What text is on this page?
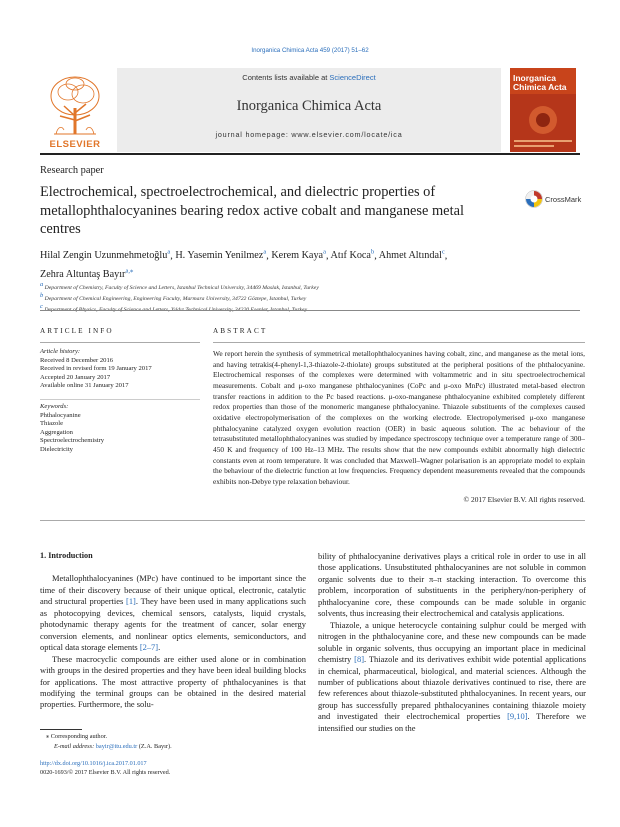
Inorganica Chimica Acta 459 (2017) 51–62
ELSEVIER
Contents lists available at ScienceDirect
Inorganica Chimica Acta
journal homepage: www.elsevier.com/locate/ica
Inorganica
Chimica Acta
Research paper
Electrochemical, spectroelectrochemical, and dielectric properties of metallophthalocyanines bearing redox active cobalt and manganese metal centres
CrossMark
Hilal Zengin Uzunmehmetoğlu$^a$, H. Yasemin Yenilmez$^a$, Kerem Kaya$^a$, Atıf Koca$^b$, Ahmet Altındal$^c$,
Zehra Altuntaş Bayır$^{a,⁎}$
$^a$ Department of Chemistry, Faculty of Science and Letters, Istanbul Technical University, 34469 Maslak, Istanbul, Turkey
$^b$ Department of Chemical Engineering, Engineering Faculty, Marmara University, 34722 Göztepe, Istanbul, Turkey
$^c$
ARTICLE INFO	ABSTRACT
Article history:
Received 8 December 2016
Received in revised form 19 January 2017
Accepted 20 January 2017
Available online 31 January 2017
Keywords:
Phthalocyanine
Thiazole
Aggregation
Spectroelectrochemistry
Dielectricity
We report herein the synthesis of symmetrical metallophthalocyanines having cobalt, zinc, and manganese as the metal ions, and having tetrakis(4-phenyl-1,3-thiazole-2-thiolate) groups substituted at the peripheral positions of the phthalocyanine. Electrochemical responses of the complexes were determined with voltammetric and in situ spectroelectrochemical measurements. Cobalt and μ-oxo manganese phthalocyanines (CoPc and μ-oxo MnPc) illustrated metal-based electron transfer reactions in addition to the Pc based reactions. μ-oxo-manganese phthalocyanine exhibited completely different redox properties than those of the monomeric manganese phthalocyanine. Thiazole substituents of the complexes caused oxidative electropolymerisation of the complexes on the working electrode. Electropolymerised μ-oxo manganese phthalocyanine catalyzed oxygen evolution reaction (OER) in basic aqueous solution. The ac behaviour of the tetrasubstituted metallophthalocyanines was studied by impedance spectroscopy technique over a temperature range of 300–450 K and frequency of 100 Hz–13 MHz. The results show that the new compounds exhibit abnormally high dielectric constants even at room temperature. It was concluded that Maxwell–Wagner polarisation is an appropriate model to explain the behaviour of the dielectric function at low frequencies. Frequency dependent measurements revealed that the compounds exhibits non-Debye type relaxation behaviour.
© 2017 Elsevier B.V. All rights reserved.

1. Introduction

Metallophthalocyanines (MPc) have continued to be important since the time of their discovery because of their unique optical, electronic, catalytic and structural properties [1]. They have been used in many applications such as photocopying devices, chemical sensors, catalysts, liquid crystals, photodynamic therapy agents for the treatment of cancer, solar energy conversion elements, and nonlinear optics elements, semiconductors, and optical data storage elements [2–7].

These macrocyclic compounds are either used alone or in combination with groups in the desired properties and they have been ideal building blocks for applications. The most attractive property of phthalocyanines is that modifying the terminal groups can be obtained in the desired material properties. Furthermore, the solu-

bility of phthalocyanine derivatives plays a critical role in order to use in all those applications. Unsubstituted phthalocyanines are not soluble in common organic solvents due to their π–π stacking interaction. To overcome this problem, incorporation of substituents in the periphery/non-periphery of phthalocyanine core, these compounds can be made soluble in organic solvents, thus increasing their electrochemical and catalysis applications.

Thiazole, a unique heterocycle containing sulphur could be merged with nitrogen in the phthalocyanine core, and these new compounds can be made soluble in organic solvents, thus occupying an important place in medicinal chemistry [8]. Thiazole and its derivatives exhibit wide potential applications in chemical, pharmaceutical, biological, and material sciences. Although the number of publications about thiazole derivatives continued to rise, there are few references about thiazole-substituted phthalocyanines. In recent years, our group has successfully prepared phthalocyanines containing thiazole moiety and investigated their electrochemical properties [9,10]. Therefore we intensified our studies on the

⁎ Corresponding author.
E-mail address: bayir@itu.edu.tr (Z.A. Bayır).
http://dx.doi.org/10.1016/j.ica.2017.01.017
0020-1693/© 2017 Elsevier B.V. All rights reserved.
